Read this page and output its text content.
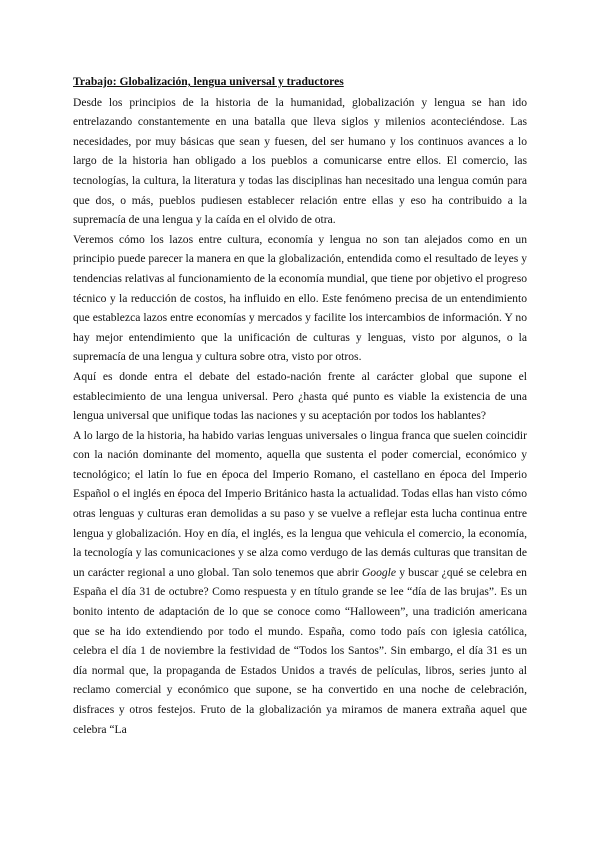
Trabajo: Globalización, lengua universal y traductores

Desde los principios de la historia de la humanidad, globalización y lengua se han ido entrelazando constantemente en una batalla que lleva siglos y milenios aconteciéndose. Las necesidades, por muy básicas que sean y fuesen, del ser humano y los continuos avances a lo largo de la historia han obligado a los pueblos a comunicarse entre ellos. El comercio, las tecnologías, la cultura, la literatura y todas las disciplinas han necesitado una lengua común para que dos, o más, pueblos pudiesen establecer relación entre ellas y eso ha contribuido a la supremacía de una lengua y la caída en el olvido de otra.

Veremos cómo los lazos entre cultura, economía y lengua no son tan alejados como en un principio puede parecer la manera en que la globalización, entendida como el resultado de leyes y tendencias relativas al funcionamiento de la economía mundial, que tiene por objetivo el progreso técnico y la reducción de costos, ha influido en ello. Este fenómeno precisa de un entendimiento que establezca lazos entre economías y mercados y facilite los intercambios de información. Y no hay mejor entendimiento que la unificación de culturas y lenguas, visto por algunos, o la supremacía de una lengua y cultura sobre otra, visto por otros.

Aquí es donde entra el debate del estado-nación frente al carácter global que supone el establecimiento de una lengua universal. Pero ¿hasta qué punto es viable la existencia de una lengua universal que unifique todas las naciones y su aceptación por todos los hablantes?

A lo largo de la historia, ha habido varias lenguas universales o lingua franca que suelen coincidir con la nación dominante del momento, aquella que sustenta el poder comercial, económico y tecnológico; el latín lo fue en época del Imperio Romano, el castellano en época del Imperio Español o el inglés en época del Imperio Británico hasta la actualidad. Todas ellas han visto cómo otras lenguas y culturas eran demolidas a su paso y se vuelve a reflejar esta lucha continua entre lengua y globalización. Hoy en día, el inglés, es la lengua que vehicula el comercio, la economía, la tecnología y las comunicaciones y se alza como verdugo de las demás culturas que transitan de un carácter regional a uno global. Tan solo tenemos que abrir Google y buscar ¿qué se celebra en España el día 31 de octubre? Como respuesta y en título grande se lee “día de las brujas”. Es un bonito intento de adaptación de lo que se conoce como “Halloween”, una tradición americana que se ha ido extendiendo por todo el mundo. España, como todo país con iglesia católica, celebra el día 1 de noviembre la festividad de “Todos los Santos”. Sin embargo, el día 31 es un día normal que, la propaganda de Estados Unidos a través de películas, libros, series junto al reclamo comercial y económico que supone, se ha convertido en una noche de celebración, disfraces y otros festejos. Fruto de la globalización ya miramos de manera extraña aquel que celebra “La
